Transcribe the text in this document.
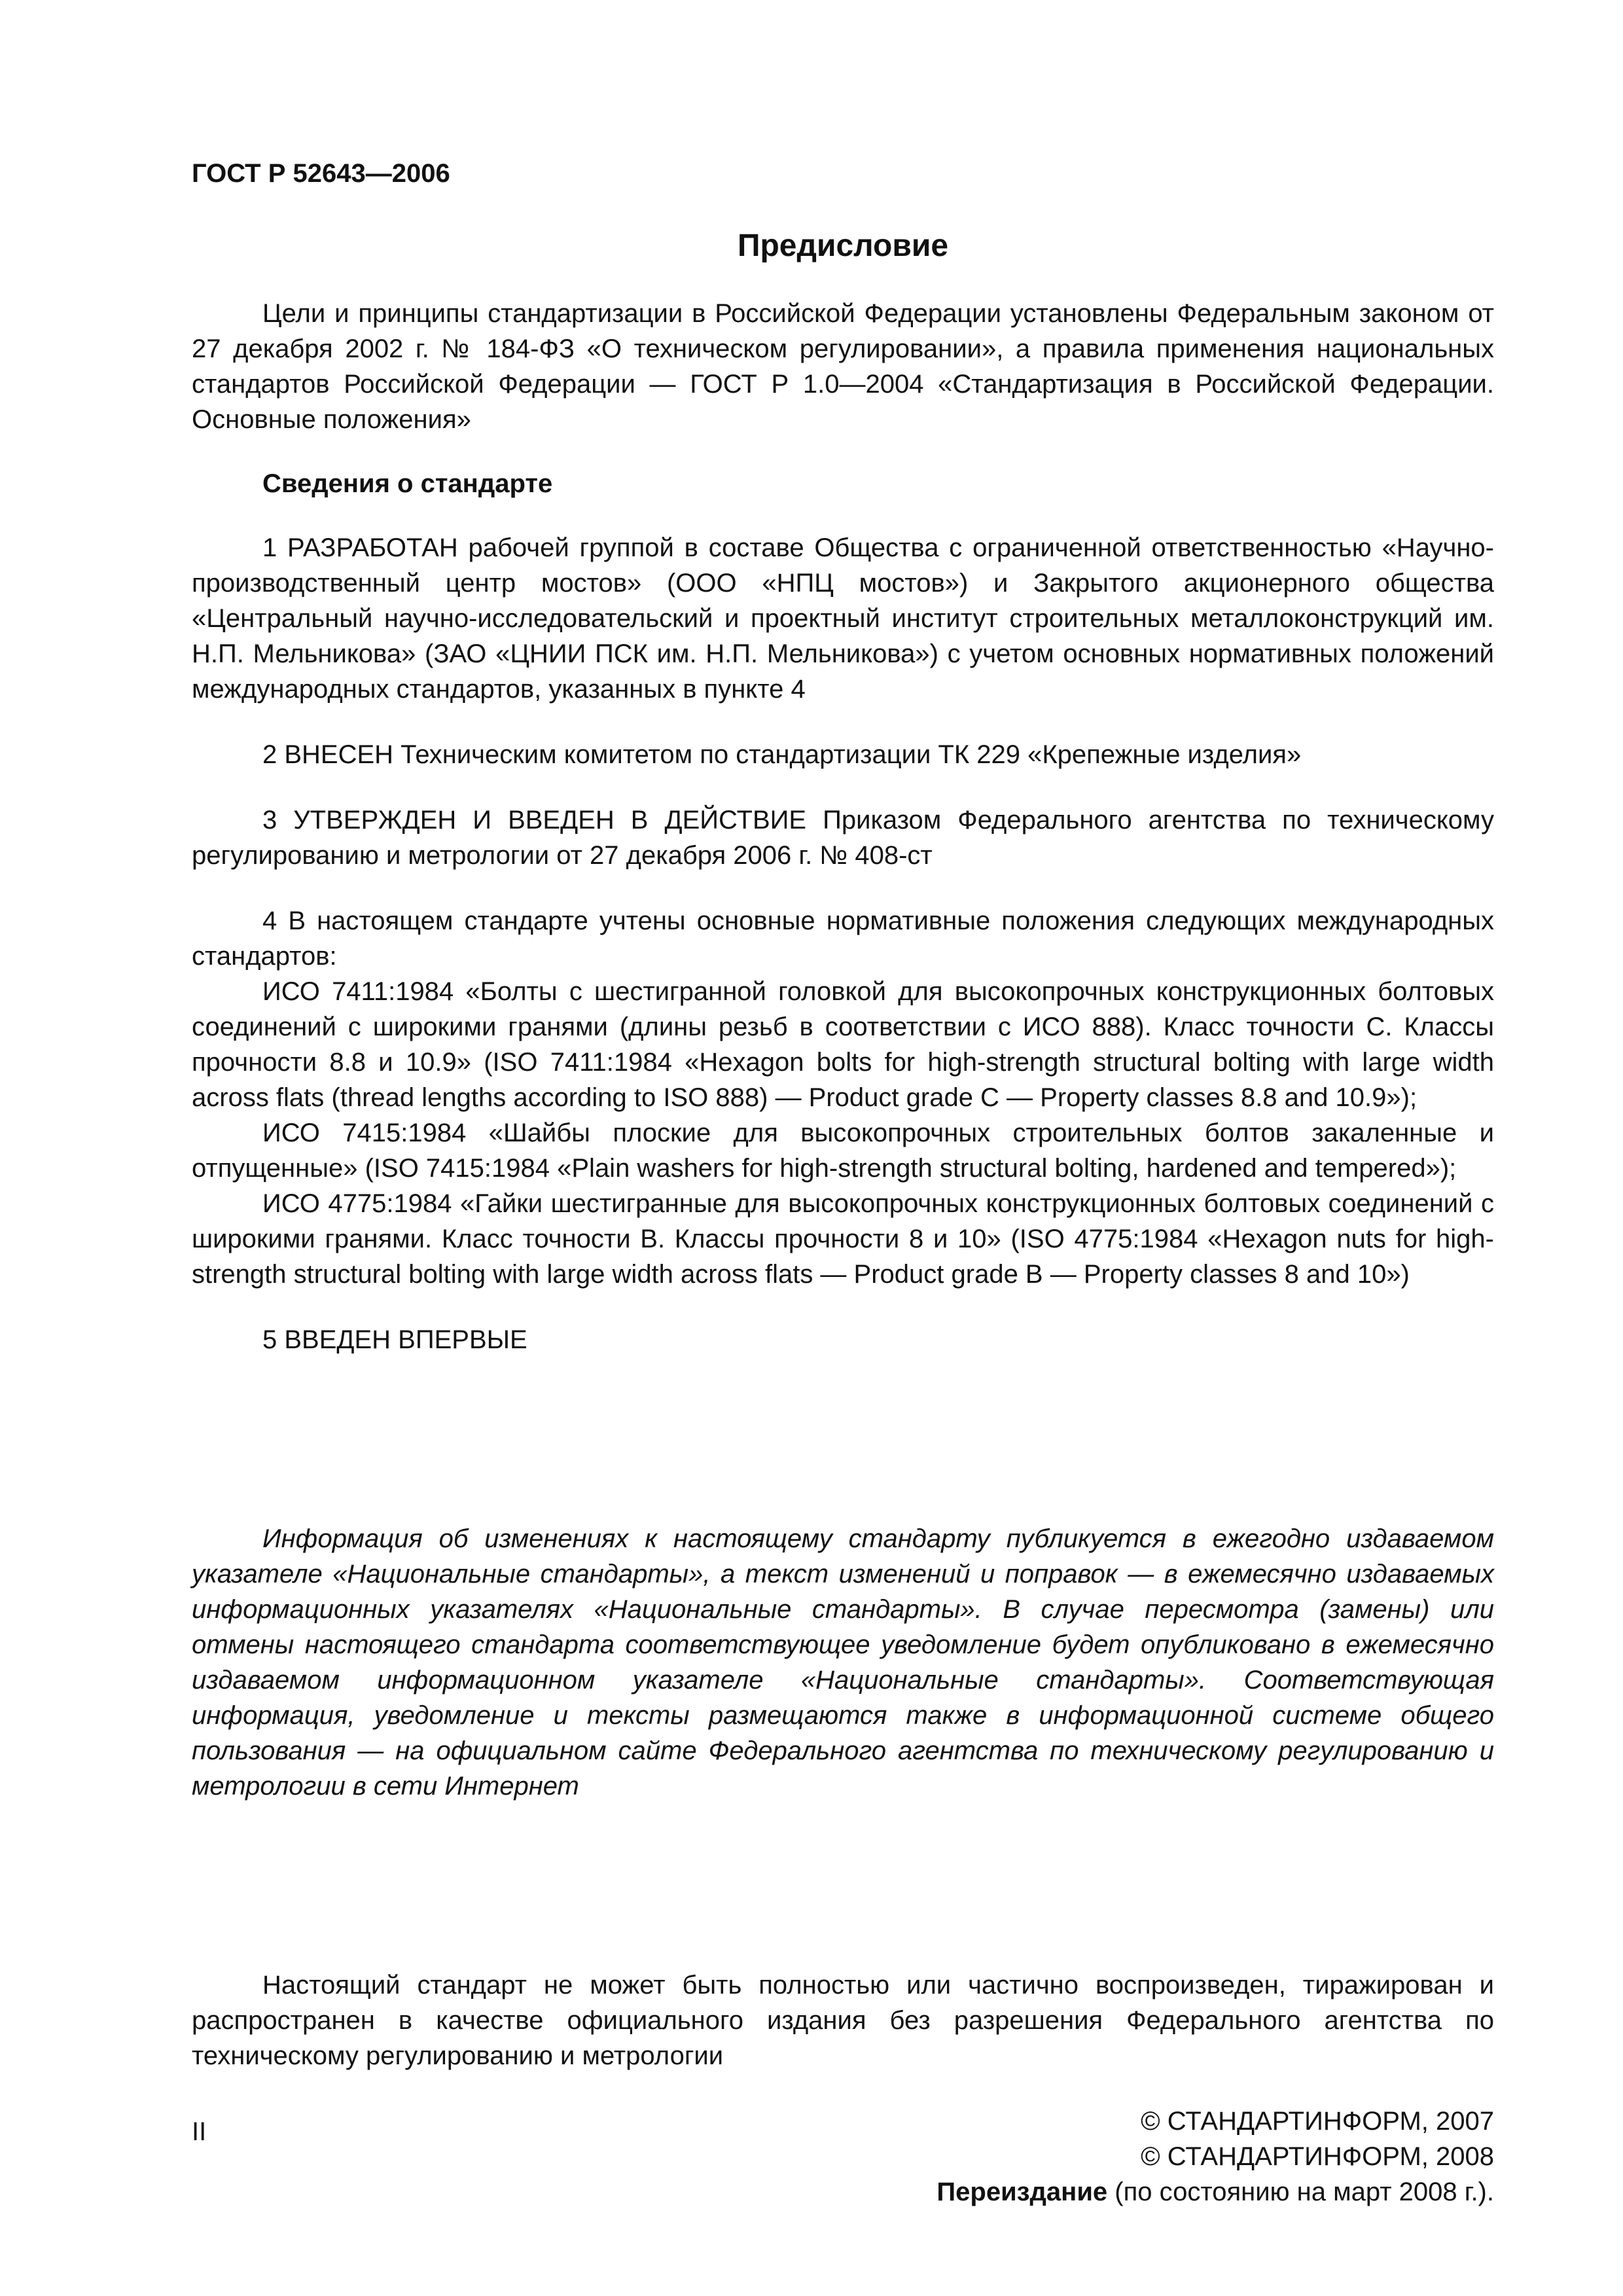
ГОСТ Р 52643—2006

Предисловие

Цели и принципы стандартизации в Российской Федерации установлены Федеральным законом от 27 декабря 2002 г. № 184-ФЗ «О техническом регулировании», а правила применения национальных стандартов Российской Федерации — ГОСТ Р 1.0—2004 «Стандартизация в Российской Федерации. Основные положения»

Сведения о стандарте

1 РАЗРАБОТАН рабочей группой в составе Общества с ограниченной ответственностью «Научно-производственный центр мостов» (ООО «НПЦ мостов») и Закрытого акционерного общества «Центральный научно-исследовательский и проектный институт строительных металлоконструкций им. Н.П. Мельникова» (ЗАО «ЦНИИ ПСК им. Н.П. Мельникова») с учетом основных нормативных положений международных стандартов, указанных в пункте 4

2 ВНЕСЕН Техническим комитетом по стандартизации ТК 229 «Крепежные изделия»

3 УТВЕРЖДЕН И ВВЕДЕН В ДЕЙСТВИЕ Приказом Федерального агентства по техническому регулированию и метрологии от 27 декабря 2006 г. № 408-ст

4 В настоящем стандарте учтены основные нормативные положения следующих международных стандартов:

ИСО 7411:1984 «Болты с шестигранной головкой для высокопрочных конструкционных болтовых соединений с широкими гранями (длины резьб в соответствии с ИСО 888). Класс точности С. Классы прочности 8.8 и 10.9» (ISO 7411:1984 «Hexagon bolts for high-strength structural bolting with large width across flats (thread lengths according to ISO 888) — Product grade C — Property classes 8.8 and 10.9»);

ИСО 7415:1984 «Шайбы плоские для высокопрочных строительных болтов закаленные и отпущенные» (ISO 7415:1984 «Plain washers for high-strength structural bolting, hardened and tempered»);

ИСО 4775:1984 «Гайки шестигранные для высокопрочных конструкционных болтовых соединений с широкими гранями. Класс точности В. Классы прочности 8 и 10» (ISO 4775:1984 «Hexagon nuts for high-strength structural bolting with large width across flats — Product grade B — Property classes 8 and 10»)

5 ВВЕДЕН ВПЕРВЫЕ

Информация об изменениях к настоящему стандарту публикуется в ежегодно издаваемом указателе «Национальные стандарты», а текст изменений и поправок — в ежемесячно издаваемых информационных указателях «Национальные стандарты». В случае пересмотра (замены) или отмены настоящего стандарта соответствующее уведомление будет опубликовано в ежемесячно издаваемом информационном указателе «Национальные стандарты». Соответствующая информация, уведомление и тексты размещаются также в информационной системе общего пользования — на официальном сайте Федерального агентства по техническому регулированию и метрологии в сети Интернет

Настоящий стандарт не может быть полностью или частично воспроизведен, тиражирован и распространен в качестве официального издания без разрешения Федерального агентства по техническому регулированию и метрологии

© СТАНДАРТИНФОРМ, 2007
© СТАНДАРТИНФОРМ, 2008
Переиздание (по состоянию на март 2008 г.).
II
